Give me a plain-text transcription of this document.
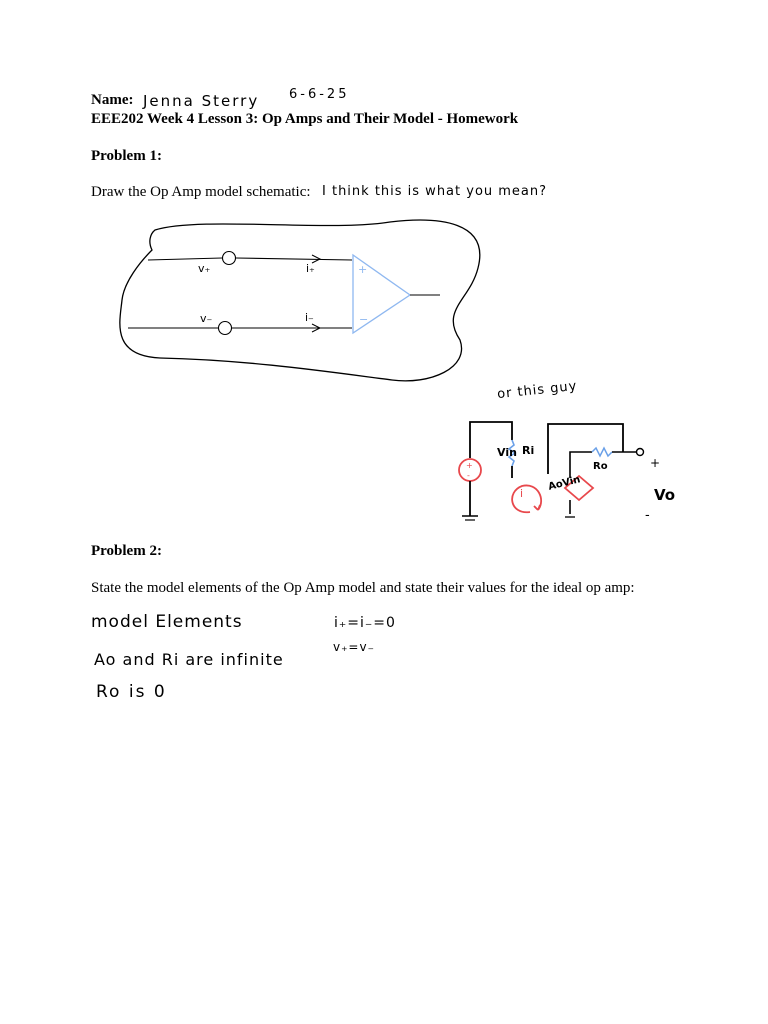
Name: Jenna Sterry 6-6-25
EEE202 Week 4 Lesson 3: Op Amps and Their Model - Homework
Problem 1:
Draw the Op Amp model schematic: I think this is what you mean?
v₊
v₋
i₊
i₋
+
−
or this guy
+
-
Vin Ri
Ro
AoVin
Vo
+
-
i
Problem 2:
State the model elements of the Op Amp model and state their values for the ideal op amp:
model Elements
Ao and Ri are infinite
Ro is 0
i₊=i₋=0
v₊=v₋
